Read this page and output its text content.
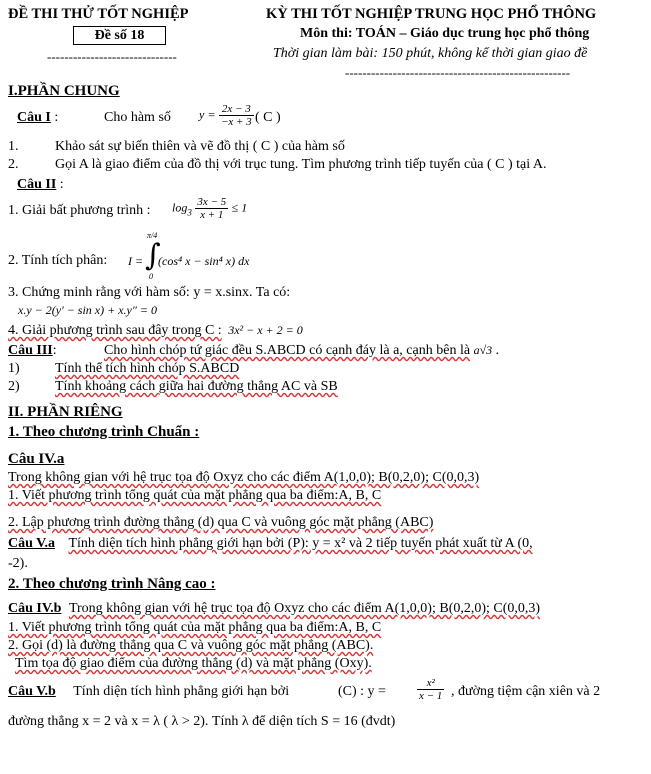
ĐỀ THI THỬ TỐT NGHIỆP
Đề số 18
------------------------------
KỲ THI TỐT NGHIỆP TRUNG HỌC PHỔ THÔNG
Môn thi: TOÁN – Giáo dục trung học phổ thông
Thời gian làm bài: 150 phút, không kể thời gian giao đề
----------------------------------------------------
I.PHẦN CHUNG
Câu I :	Cho hàm số $y = \frac{2x - 3}{-x + 3}$ ( C )
1.	Khảo sát sự biến thiên và vẽ đồ thị ( C ) của hàm số
2.	Gọi A là giao điểm của đồ thị với trục tung. Tìm phương trình tiếp tuyến của ( C ) tại A.
Câu II :
1. Giải bất phương trình : $\log_3 \frac{3x - 5}{x + 1} \le 1$
2. Tính tích phân: I =
π/4
∫
0
(cos⁴ x − sin⁴ x) dx
3. Chứng minh rằng với hàm số: y = x.sinx. Ta có:
x.y − 2(y′ − sin x) + x.y″ = 0
4. Giải phương trình sau đây trong C : 3x² − x + 2 = 0
Câu III:	Cho hình chóp tứ giác đều S.ABCD có cạnh đáy là a, cạnh bên là a√3 .
1)	Tính thể tích hình chóp S.ABCD
2)	Tính khoảng cách giữa hai đường thẳng AC và SB
II. PHẦN RIÊNG
1. Theo chương trình Chuẩn :
Câu IV.a
Trong không gian với hệ trục tọa độ Oxyz cho các điểm A(1,0,0); B(0,2,0); C(0,0,3)
1. Viết phương trình tổng quát của mặt phẳng qua ba điểm:A, B, C
2. Lập phương trình đường thẳng (d) qua C và vuông góc mặt phẳng (ABC)
Câu V.a Tính diện tích hình phẳng giới hạn bởi (P): y = x² và 2 tiếp tuyến phát xuất từ A (0,
-2).
2. Theo chương trình Nâng cao :
Câu IV.b Trong không gian với hệ trục tọa độ Oxyz cho các điểm A(1,0,0); B(0,2,0); C(0,0,3)
1. Viết phương trình tổng quát của mặt phẳng qua ba điểm:A, B, C
2. Gọi (d) là đường thẳng qua C và vuông góc mặt phẳng (ABC).
Tìm tọa độ giao điểm của đường thẳng (d) và mặt phẳng (Oxy).
Câu V.b Tính diện tích hình phẳng giới hạn bởi	(C) : y =	$\frac{\text{x²}}{x - 1}$ , đường tiệm cận xiên và 2
đường thẳng x = 2 và x = λ ( λ > 2). Tính λ để diện tích S = 16 (đvdt)
